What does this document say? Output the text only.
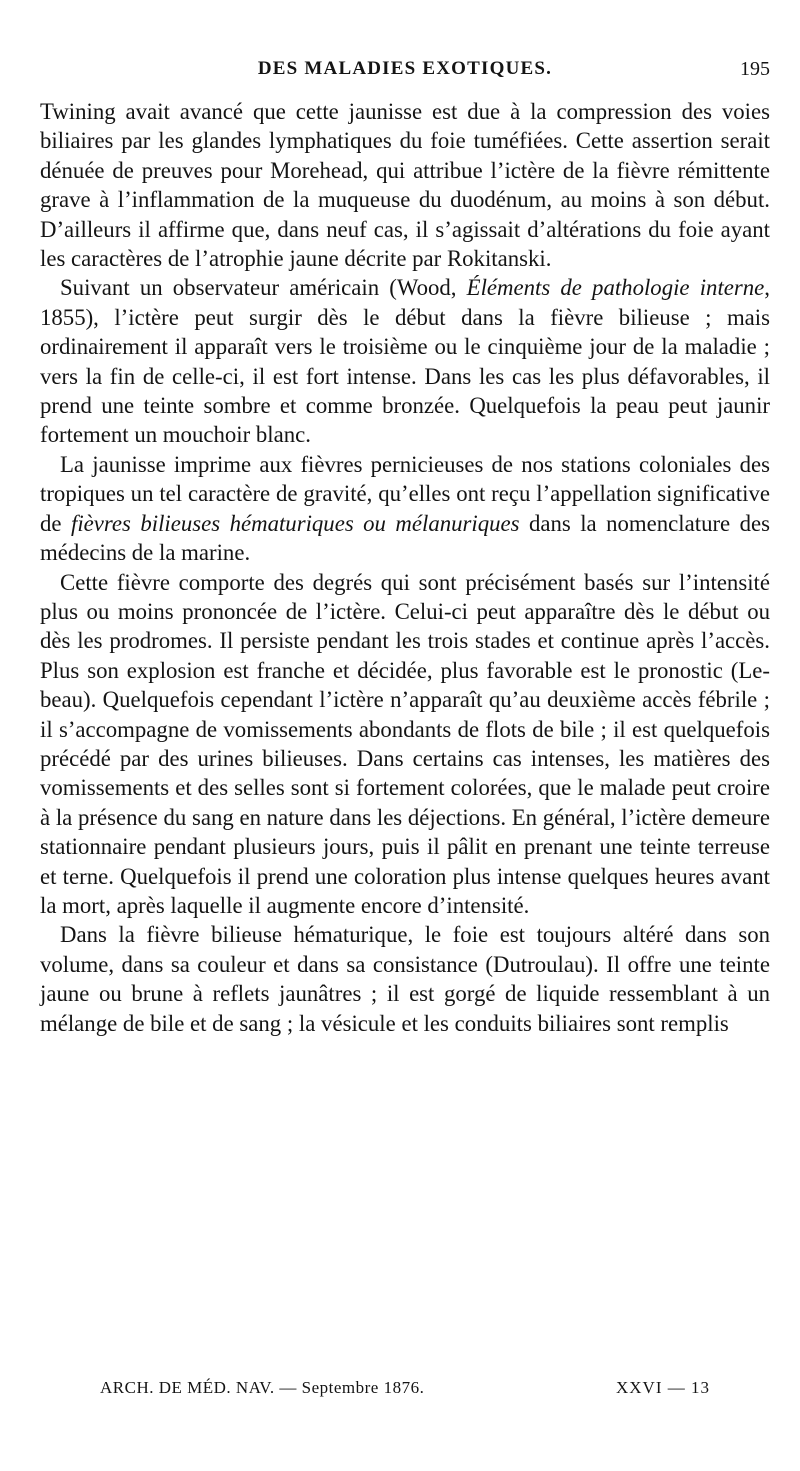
DES MALADIES EXOTIQUES.	195

Twining avait avancé que cette jaunisse est due à la compression des voies biliaires par les glandes lymphatiques du foie tuméfiées. Cette assertion serait dénuée de preuves pour Morehead, qui attribue l’ictère de la fièvre rémittente grave à l’inflammation de la muqueuse du duodénum, au moins à son début. D’ailleurs il affirme que, dans neuf cas, il s’agissait d’altérations du foie ayant les caractères de l’atrophie jaune décrite par Rokitanski.

Suivant un observateur américain (Wood, Éléments de pathologie interne, 1855), l’ictère peut surgir dès le début dans la fièvre bilieuse ; mais ordinairement il apparaît vers le troisième ou le cinquième jour de la maladie ; vers la fin de celle-ci, il est fort intense. Dans les cas les plus défavorables, il prend une teinte sombre et comme bronzée. Quelquefois la peau peut jaunir fortement un mouchoir blanc.

La jaunisse imprime aux fièvres pernicieuses de nos stations coloniales des tropiques un tel caractère de gravité, qu’elles ont reçu l’appellation significative de fièvres bilieuses hématuriques ou mélanuriques dans la nomenclature des médecins de la marine.

Cette fièvre comporte des degrés qui sont précisément basés sur l’intensité plus ou moins prononcée de l’ictère. Celui-ci peut apparaître dès le début ou dès les prodromes. Il persiste pendant les trois stades et continue après l’accès. Plus son explosion est franche et décidée, plus favorable est le pronostic (Lebeau). Quelquefois cependant l’ictère n’apparaît qu’au deuxième accès fébrile ; il s’accompagne de vomissements abondants de flots de bile ; il est quelquefois précédé par des urines bilieuses. Dans certains cas intenses, les matières des vomissements et des selles sont si fortement colorées, que le malade peut croire à la présence du sang en nature dans les déjections. En général, l’ictère demeure stationnaire pendant plusieurs jours, puis il pâlit en prenant une teinte terreuse et terne. Quelquefois il prend une coloration plus intense quelques heures avant la mort, après laquelle il augmente encore d’intensité.

Dans la fièvre bilieuse hématurique, le foie est toujours altéré dans son volume, dans sa couleur et dans sa consistance (Dutroulau). Il offre une teinte jaune ou brune à reflets jaunâtres ; il est gorgé de liquide ressemblant à un mélange de bile et de sang ; la vésicule et les conduits biliaires sont remplis

ARCH. DE MÉD. NAV. — Septembre 1876.	XXVI — 13
